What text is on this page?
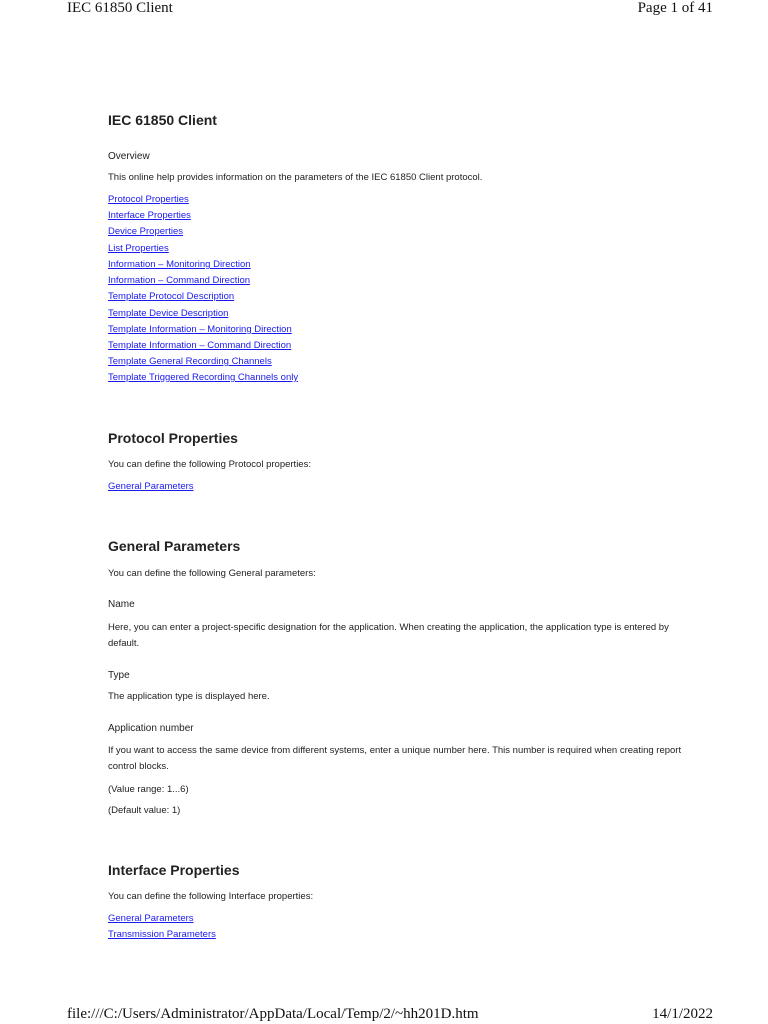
IEC 61850 Client	Page 1 of 41
IEC 61850 Client
Overview
This online help provides information on the parameters of the IEC 61850 Client protocol.
Protocol Properties
Interface Properties
Device Properties
List Properties
Information – Monitoring Direction
Information – Command Direction
Template Protocol Description
Template Device Description
Template Information – Monitoring Direction
Template Information – Command Direction
Template General Recording Channels
Template Triggered Recording Channels only
Protocol Properties
You can define the following Protocol properties:
General Parameters
General Parameters
You can define the following General parameters:
Name
Here, you can enter a project-specific designation for the application. When creating the application, the application type is entered by default.
Type
The application type is displayed here.
Application number
If you want to access the same device from different systems, enter a unique number here. This number is required when creating report control blocks.
(Value range: 1...6)
(Default value: 1)
Interface Properties
You can define the following Interface properties:
General Parameters
Transmission Parameters
file:///C:/Users/Administrator/AppData/Local/Temp/2/~hh201D.htm	14/1/2022
